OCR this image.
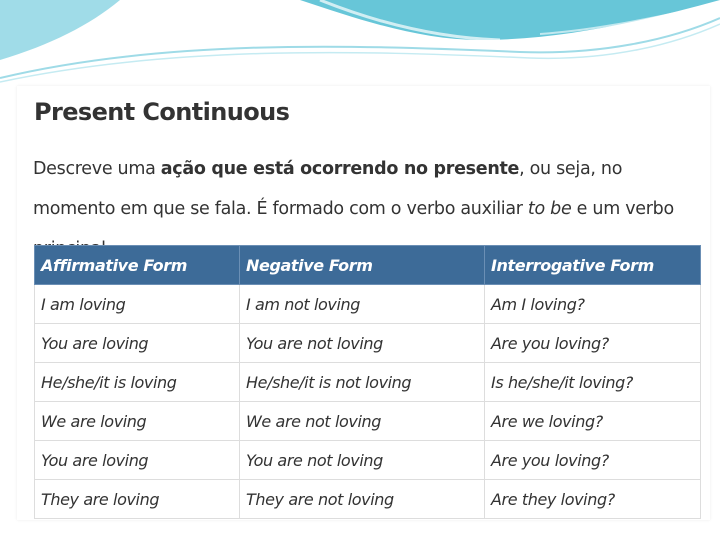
Present Continuous
Descreve uma ação que está ocorrendo no presente, ou seja, no momento em que se fala. É formado com o verbo auxiliar to be e um verbo
Affirmative Form	Negative Form	Interrogative Form
I am loving	I am not loving	Am I loving?
You are loving	You are not loving	Are you loving?
He/she/it is loving	He/she/it is not loving	Is he/she/it loving?
We are loving	We are not loving	Are we loving?
You are loving	You are not loving	Are you loving?
They are loving	They are not loving	Are they loving?
